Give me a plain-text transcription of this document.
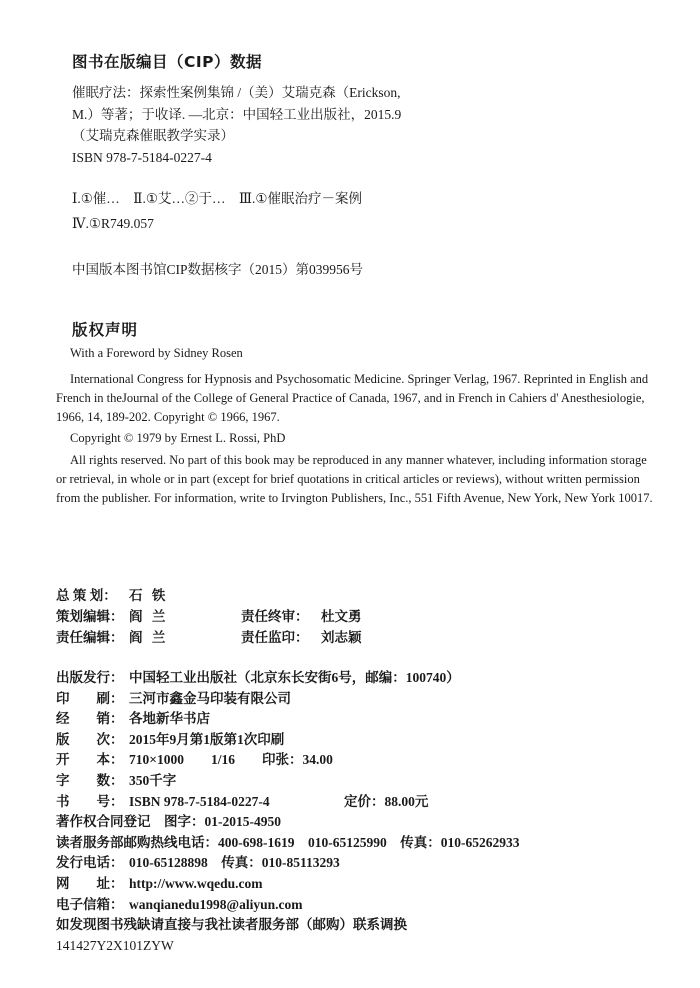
图书在版编目（CIP）数据
催眠疗法：探索性案例集锦 /（美）艾瑞克森（Erickson,
M.）等著；于收译. —北京：中国轻工业出版社，2015.9
（艾瑞克森催眠教学实录）
ISBN 978-7-5184-0227-4
Ⅰ.①催…　Ⅱ.①艾…②于…　Ⅲ.①催眠治疗－案例
Ⅳ.①R749.057
中国版本图书馆CIP数据核字（2015）第039956号
版权声明

With a Foreword by Sidney Rosen

International Congress for Hypnosis and Psychosomatic Medicine. Springer Verlag, 1967. Reprinted in English and French in theJournal of the College of General Practice of Canada, 1967, and in French in Cahiers d' Anesthesiologie, 1966, 14, 189-202. Copyright © 1966, 1967.

Copyright © 1979 by Ernest L. Rossi, PhD

All rights reserved. No part of this book may be reproduced in any manner whatever, including information storage or retrieval, in whole or in part (except for brief quotations in critical articles or reviews), without written permission from the publisher. For information, write to Irvington Publishers, Inc., 551 Fifth Avenue, New York, New York 10017.

总 策 划： 石 铁
策划编辑： 阎 兰	责任终审： 杜文勇
责任编辑： 阎 兰	责任监印： 刘志颖
出版发行： 中国轻工业出版社（北京东长安街6号，邮编：100740）
印　　刷： 三河市鑫金马印装有限公司
经　　销： 各地新华书店
版　　次： 2015年9月第1版第1次印刷
开　　本： 710×1000　　1/16　　印张：34.00
字　　数： 350千字
书　　号： ISBN 978-7-5184-0227-4	定价： 88.00元
著作权合同登记　图字：01-2015-4950
读者服务部邮购热线电话： 400-698-1619　010-65125990　传真：010-65262933
发行电话： 010-65128898　传真：010-85113293
网　　址： http://www.wqedu.com
电子信箱： wanqianedu1998@aliyun.com
如发现图书残缺请直接与我社读者服务部（邮购）联系调换
141427Y2X101ZYW
